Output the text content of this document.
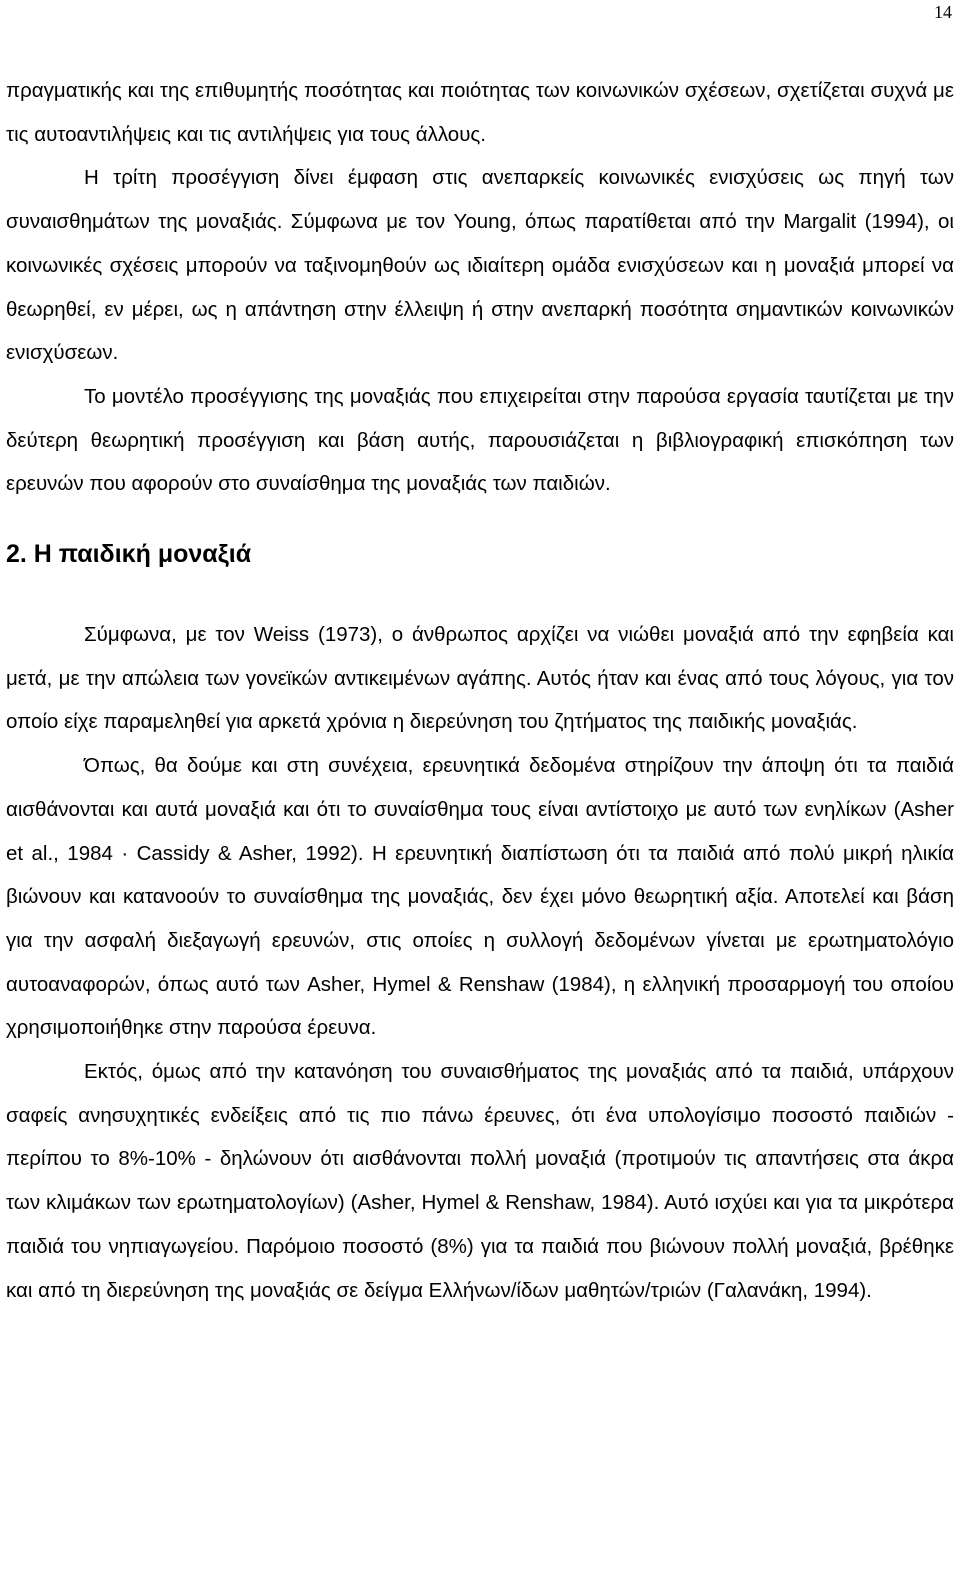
14

πραγματικής και της επιθυμητής ποσότητας και ποιότητας των κοινωνικών σχέσεων, σχετίζεται συχνά με τις αυτοαντιλήψεις και τις αντιλήψεις για τους άλλους.

Η τρίτη προσέγγιση δίνει έμφαση στις ανεπαρκείς κοινωνικές ενισχύσεις ως πηγή των συναισθημάτων της μοναξιάς. Σύμφωνα με τον Young, όπως παρατίθεται από την Margalit (1994), οι κοινωνικές σχέσεις μπορούν να ταξινομηθούν ως ιδιαίτερη ομάδα ενισχύσεων και η μοναξιά μπορεί να θεωρηθεί, εν μέρει, ως η απάντηση στην έλλειψη ή στην ανεπαρκή ποσότητα σημαντικών κοινωνικών ενισχύσεων.

Το μοντέλο προσέγγισης της μοναξιάς που επιχειρείται στην παρούσα εργασία ταυτίζεται με την δεύτερη θεωρητική προσέγγιση και βάση αυτής, παρουσιάζεται η βιβλιογραφική επισκόπηση των ερευνών που αφορούν στο συναίσθημα της μοναξιάς των παιδιών.

2. Η παιδική μοναξιά

Σύμφωνα, με τον Weiss (1973), ο άνθρωπος αρχίζει να νιώθει μοναξιά από την εφηβεία και μετά, με την απώλεια των γονεϊκών αντικειμένων αγάπης. Αυτός ήταν και ένας από τους λόγους, για τον οποίο είχε παραμεληθεί για αρκετά χρόνια η διερεύνηση του ζητήματος της παιδικής μοναξιάς.

Όπως, θα δούμε και στη συνέχεια, ερευνητικά δεδομένα στηρίζουν την άποψη ότι τα παιδιά αισθάνονται και αυτά μοναξιά και ότι το συναίσθημα τους είναι αντίστοιχο με αυτό των ενηλίκων (Asher et al., 1984 · Cassidy & Asher, 1992). Η ερευνητική διαπίστωση ότι τα παιδιά από πολύ μικρή ηλικία βιώνουν και κατανοούν το συναίσθημα της μοναξιάς, δεν έχει μόνο θεωρητική αξία. Αποτελεί και βάση για την ασφαλή διεξαγωγή ερευνών, στις οποίες η συλλογή δεδομένων γίνεται με ερωτηματολόγιο αυτοαναφορών, όπως αυτό των Asher, Hymel & Renshaw (1984), η ελληνική προσαρμογή του οποίου χρησιμοποιήθηκε στην παρούσα έρευνα.

Εκτός, όμως από την κατανόηση του συναισθήματος της μοναξιάς από τα παιδιά, υπάρχουν σαφείς ανησυχητικές ενδείξεις από τις πιο πάνω έρευνες, ότι ένα υπολογίσιμο ποσοστό παιδιών - περίπου το 8%-10% - δηλώνουν ότι αισθάνονται πολλή μοναξιά (προτιμούν τις απαντήσεις στα άκρα των κλιμάκων των ερωτηματολογίων) (Asher, Hymel & Renshaw, 1984). Αυτό ισχύει και για τα μικρότερα παιδιά του νηπιαγωγείου. Παρόμοιο ποσοστό (8%) για τα παιδιά που βιώνουν πολλή μοναξιά, βρέθηκε και από τη διερεύνηση της μοναξιάς σε δείγμα Ελλήνων/ίδων μαθητών/τριών (Γαλανάκη, 1994).
